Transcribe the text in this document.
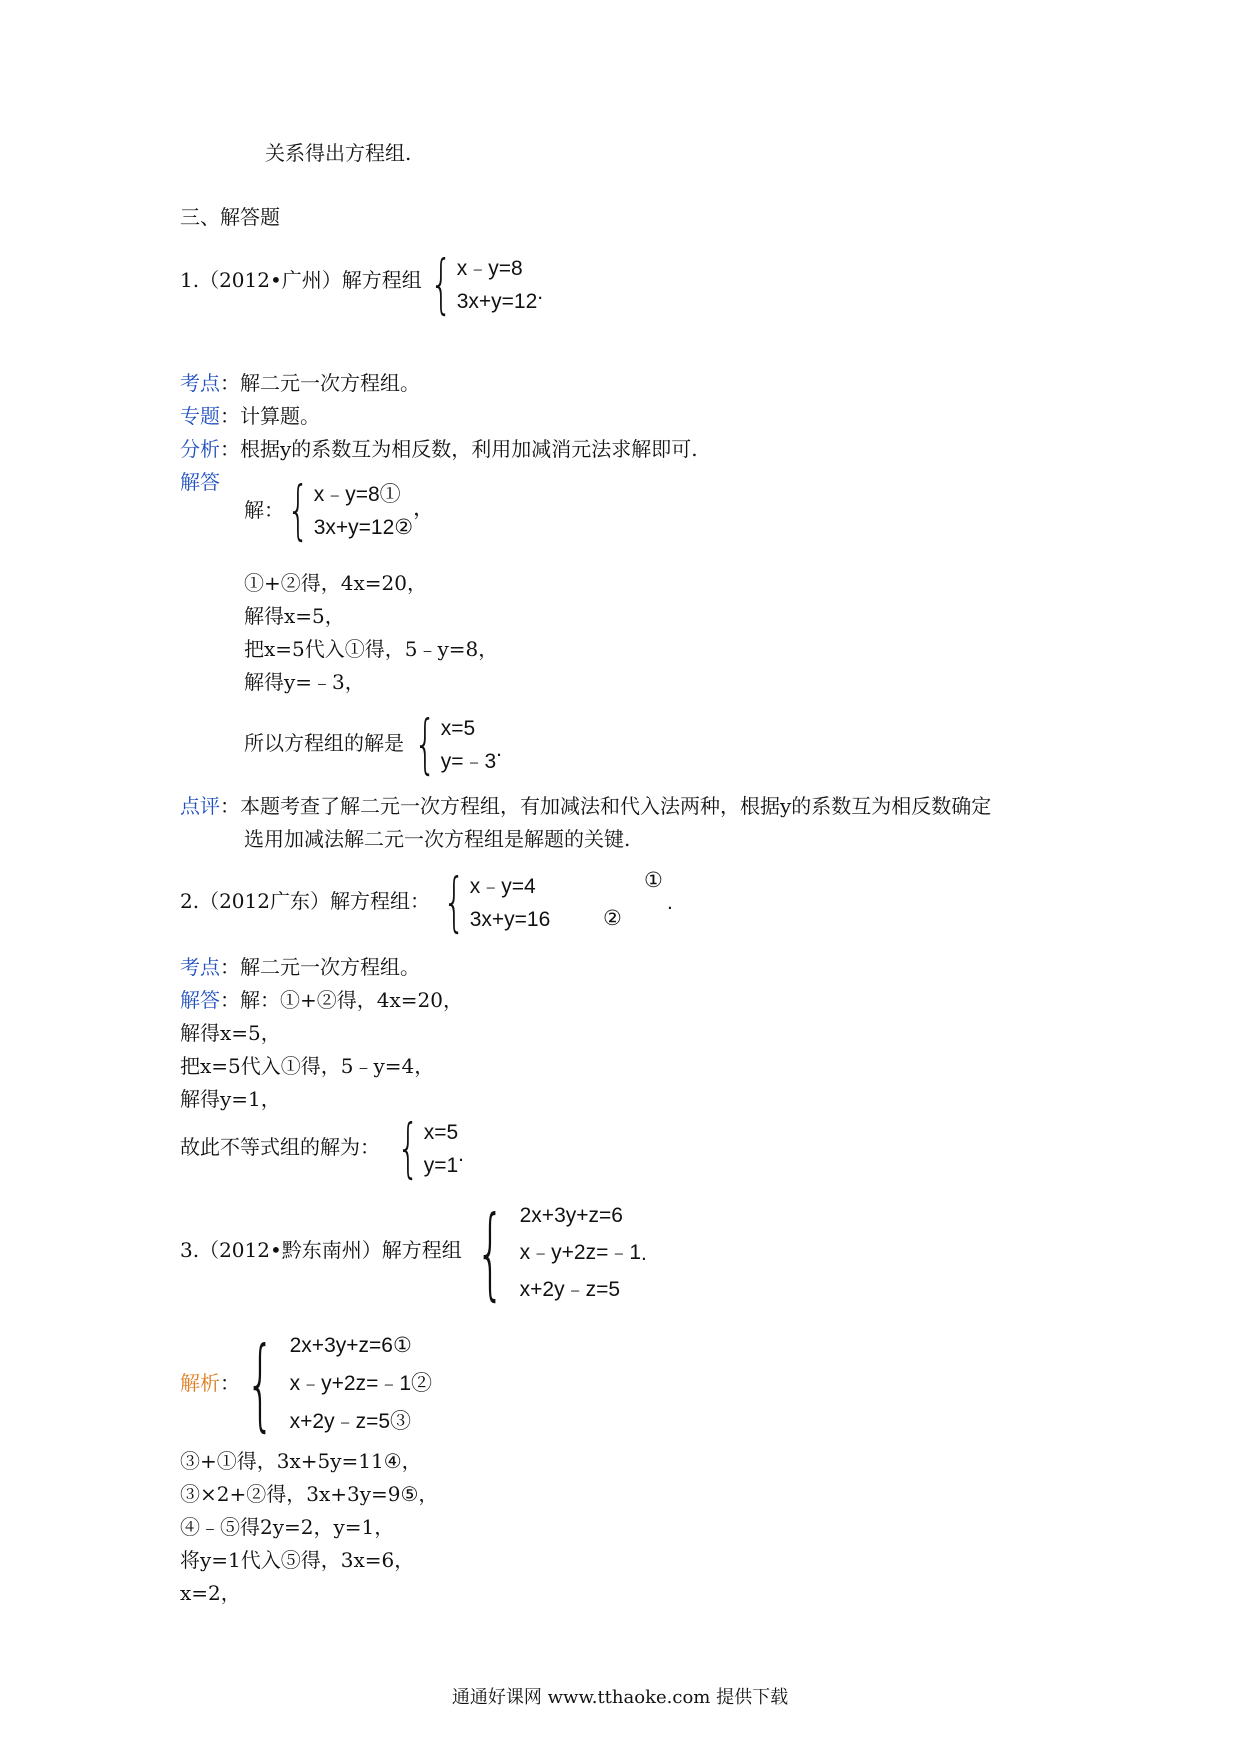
关系得出方程组.
三、解答题
1.（2012•广州）解方程组 { x﹣y=8
3x+y=12 .
考点：解二元一次方程组。
专题：计算题。
分析：根据y的系数互为相反数，利用加减消元法求解即可.
解答
解： { x﹣y=8①
3x+y=12②
，
①+②得，4x=20，
解得x=5，
把x=5代入①得，5﹣y=8，
解得y=﹣3，
所以方程组的解是 { x=5
y=﹣3
.
点评：本题考查了解二元一次方程组，有加减法和代入法两种，根据y的系数互为相反数确定
选用加减法解二元一次方程组是解题的关键.
2.（2012广东）解方程组： { x﹣y=4
3x+y=16
①
②
.
考点：解二元一次方程组。
解答：解：①+②得，4x=20，
解得x=5，
把x=5代入①得，5﹣y=4，
解得y=1，
故此不等式组的解为： { x=5
y=1 .
3.（2012•黔东南州）解方程组 { 2x+3y+z=6
x﹣y+2z=﹣1
x+2y﹣z=5
.
解析： { 2x+3y+z=6①
x﹣y+2z=﹣1②
x+2y﹣z=5③
③+①得，3x+5y=11④，
③×2+②得，3x+3y=9⑤，
④﹣⑤得2y=2，y=1，
将y=1代入⑤得，3x=6，
x=2，
通通好课网 www.tthaoke.com 提供下载
